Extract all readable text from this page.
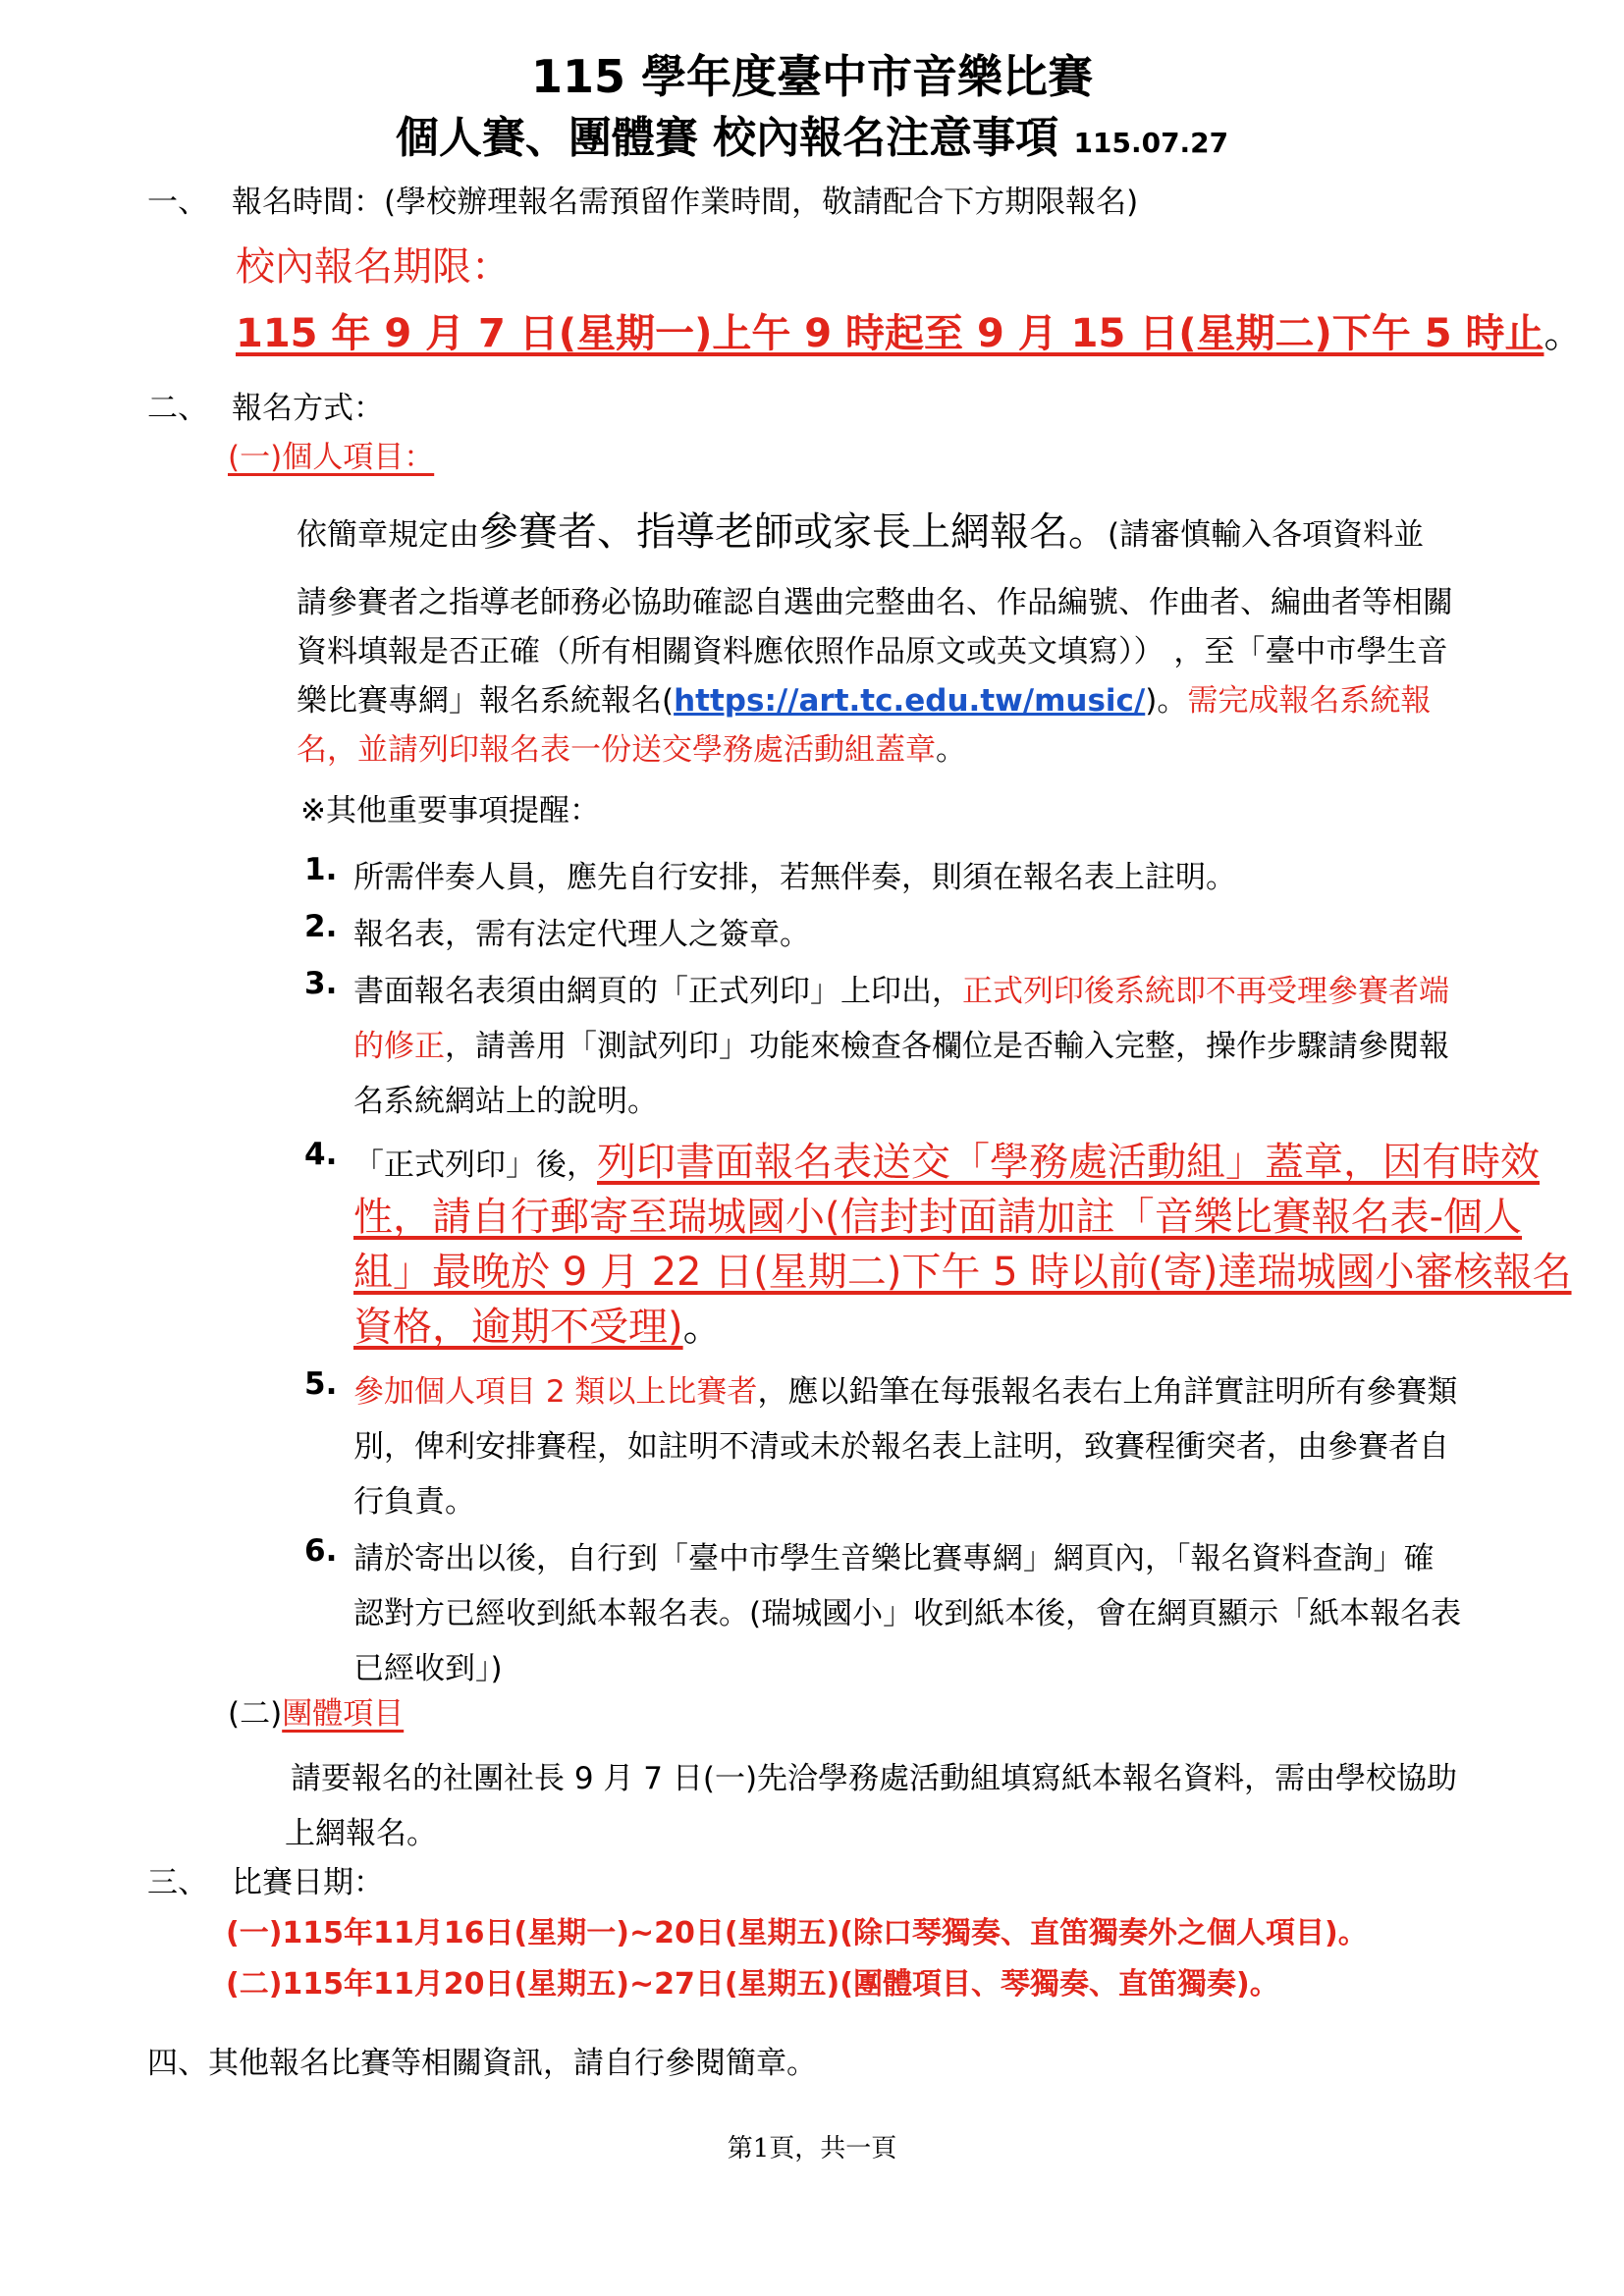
115 學年度臺中市音樂比賽
個人賽、團體賽 校內報名注意事項 115.07.27
一、 報名時間：(學校辦理報名需預留作業時間，敬請配合下方期限報名)
校內報名期限：
115 年 9 月 7 日(星期一)上午 9 時起至 9 月 15 日(星期二)下午 5 時止。
二、 報名方式：
(一)個人項目：
依簡章規定由參賽者、指導老師或家長上網報名。(請審慎輸入各項資料並
請參賽者之指導老師務必協助確認自選曲完整曲名、作品編號、作曲者、編曲者等相關
資料填報是否正確（所有相關資料應依照作品原文或英文填寫）） ，至「臺中市學生音
樂比賽專網」報名系統報名(https://art.tc.edu.tw/music/)。需完成報名系統報
名，並請列印報名表一份送交學務處活動組蓋章。
※其他重要事項提醒：
1. 所需伴奏人員，應先自行安排，若無伴奏，則須在報名表上註明。
2. 報名表，需有法定代理人之簽章。
3. 書面報名表須由網頁的「正式列印」上印出，正式列印後系統即不再受理參賽者端
的修正，請善用「測試列印」功能來檢查各欄位是否輸入完整，操作步驟請參閱報
名系統網站上的說明。
4. 「正式列印」後，列印書面報名表送交「學務處活動組」蓋章，因有時效
性，請自行郵寄至瑞城國小(信封封面請加註「音樂比賽報名表-個人
組」最晚於 9 月 22 日(星期二)下午 5 時以前(寄)達瑞城國小審核報名
資格，逾期不受理)。
5. 參加個人項目 2 類以上比賽者，應以鉛筆在每張報名表右上角詳實註明所有參賽類
別，俾利安排賽程，如註明不清或未於報名表上註明，致賽程衝突者，由參賽者自
行負責。
6. 請於寄出以後，自行到「臺中市學生音樂比賽專網」網頁內，「報名資料查詢」確
認對方已經收到紙本報名表。(瑞城國小」收到紙本後，會在網頁顯示「紙本報名表
已經收到」)
(二)團體項目
請要報名的社團社長 9 月 7 日(一)先洽學務處活動組填寫紙本報名資料，需由學校協助
上網報名。
三、 比賽日期：
(一)115年11月16日(星期一)~20日(星期五)(除口琴獨奏、直笛獨奏外之個人項目)。
(二)115年11月20日(星期五)~27日(星期五)(團體項目、琴獨奏、直笛獨奏)。
四、其他報名比賽等相關資訊，請自行參閱簡章。
第1頁，共一頁
